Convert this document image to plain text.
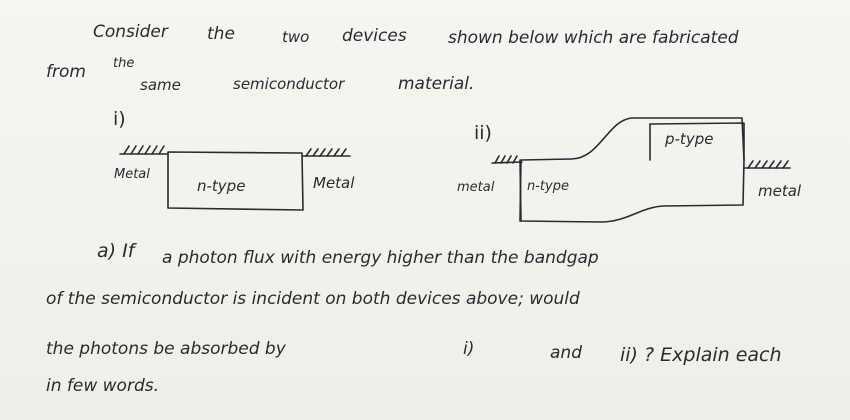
Consider the	two devices shown below which are fabricated
from the
same	semiconductor	material.
i)
ii)
Metal
n-type	Metal	metal	n-type
p-type
metal
a) If a photon flux with energy higher than the bandgap
of the semiconductor is incident on both devices above; would
the photons be absorbed by	i)	and ii) ? Explain each
in few words.
